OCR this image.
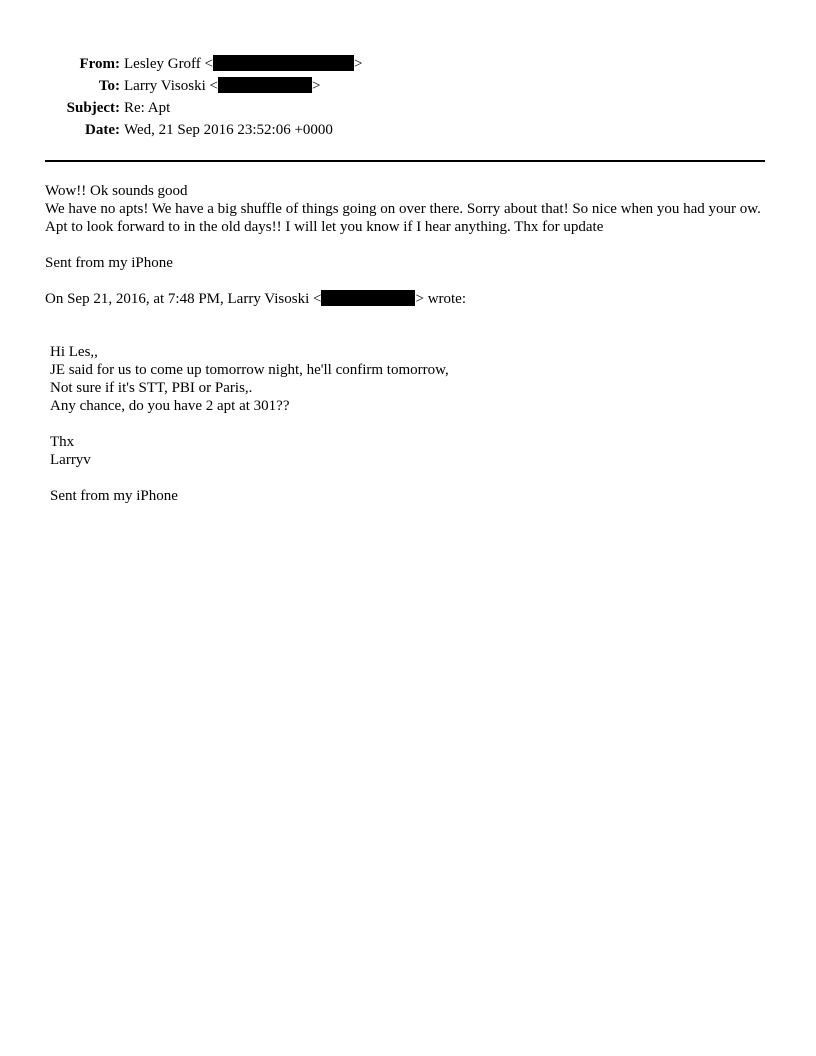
From: Lesley Groff <	>
To: Larry Visoski <	>
Subject: Re: Apt
Date: Wed, 21 Sep 2016 23:52:06 +0000

Wow!! Ok sounds good

We have no apts! We have a big shuffle of things going on over there. Sorry about that! So nice when you had your ow. Apt to look forward to in the old days!! I will let you know if I hear anything. Thx for update

Sent from my iPhone

On Sep 21, 2016, at 7:48 PM, Larry Visoski <	> wrote:

Hi Les,,

JE said for us to come up tomorrow night, he'll confirm tomorrow,

Not sure if it's STT, PBI or Paris,.

Any chance, do you have 2 apt at 301??

Thx

Larryv

Sent from my iPhone
